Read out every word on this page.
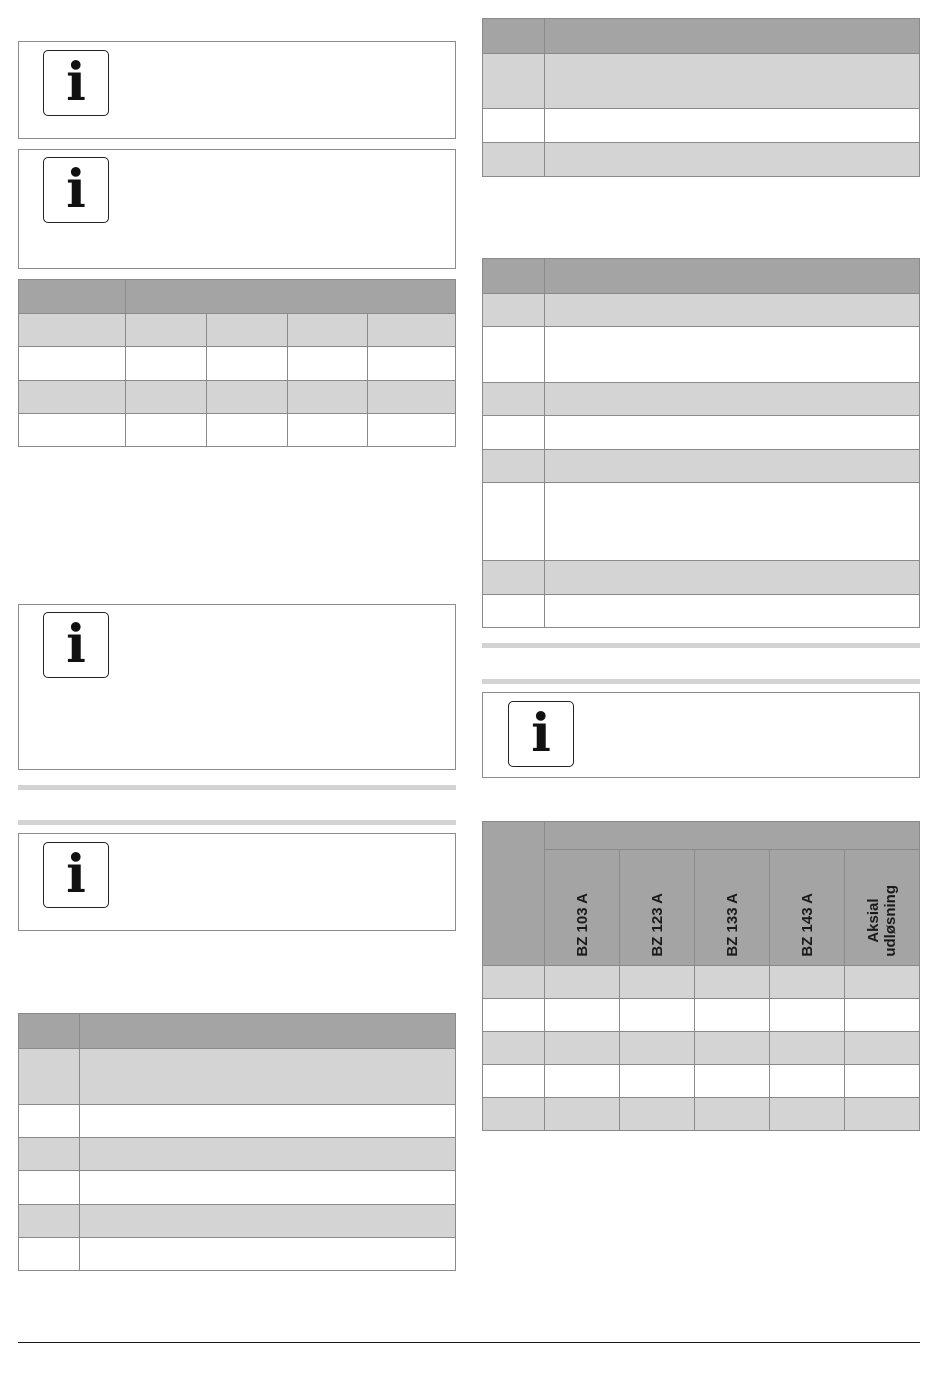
i
i

i
i

i

	BZ 103 A	BZ 123 A	BZ 133 A	BZ 143 A	Aksial
udløsning
